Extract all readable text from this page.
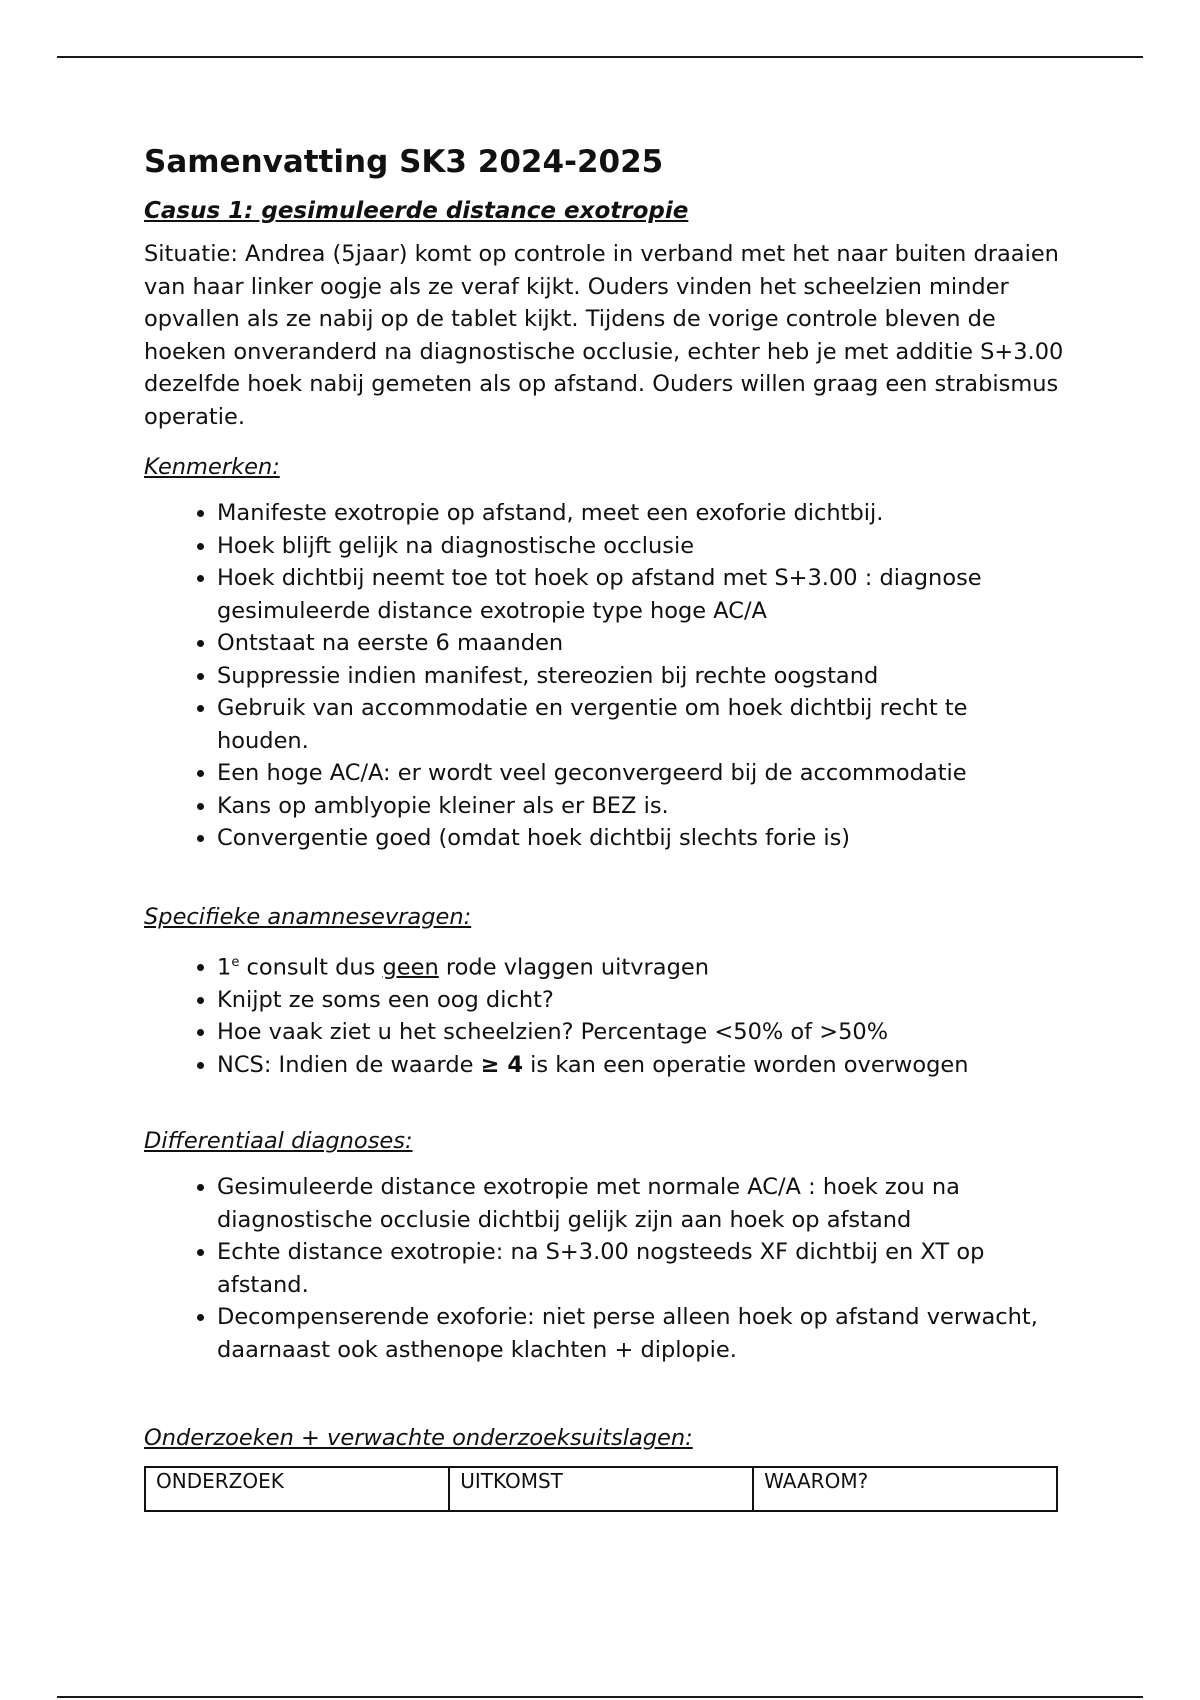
Samenvatting SK3 2024-2025
Casus 1: gesimuleerde distance exotropie
Situatie: Andrea (5jaar) komt op controle in verband met het naar buiten draaien van haar linker oogje als ze veraf kijkt. Ouders vinden het scheelzien minder opvallen als ze nabij op de tablet kijkt. Tijdens de vorige controle bleven de hoeken onveranderd na diagnostische occlusie, echter heb je met additie S+3.00 dezelfde hoek nabij gemeten als op afstand. Ouders willen graag een strabismus operatie.
Kenmerken:
• Manifeste exotropie op afstand, meet een exoforie dichtbij.
• Hoek blijft gelijk na diagnostische occlusie
• Hoek dichtbij neemt toe tot hoek op afstand met S+3.00 : diagnose gesimuleerde distance exotropie type hoge AC/A
• Ontstaat na eerste 6 maanden
• Suppressie indien manifest, stereozien bij rechte oogstand
• Gebruik van accommodatie en vergentie om hoek dichtbij recht te houden.
• Een hoge AC/A: er wordt veel geconvergeerd bij de accommodatie
• Kans op amblyopie kleiner als er BEZ is.
• Convergentie goed (omdat hoek dichtbij slechts forie is)
Specifieke anamnesevragen:
• 1e consult dus geen rode vlaggen uitvragen
• Knijpt ze soms een oog dicht?
• Hoe vaak ziet u het scheelzien? Percentage <50% of >50%
• NCS: Indien de waarde ≥ 4 is kan een operatie worden overwogen
Differentiaal diagnoses:
• Gesimuleerde distance exotropie met normale AC/A : hoek zou na diagnostische occlusie dichtbij gelijk zijn aan hoek op afstand
• Echte distance exotropie: na S+3.00 nogsteeds XF dichtbij en XT op afstand.
• Decompenserende exoforie: niet perse alleen hoek op afstand verwacht, daarnaast ook asthenope klachten + diplopie.
Onderzoeken + verwachte onderzoeksuitslagen:
ONDERZOEK	UITKOMST	WAAROM?
